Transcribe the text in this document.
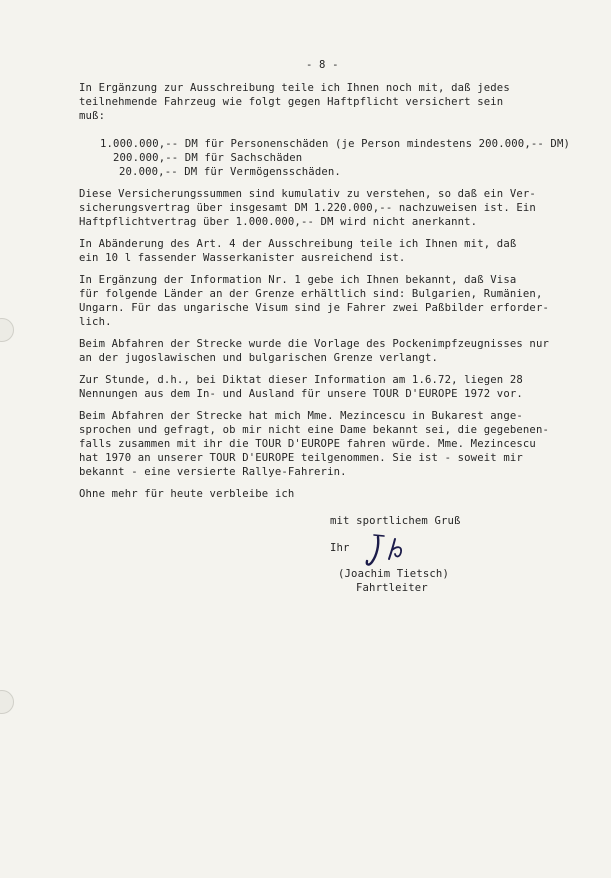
- 8 -
In Ergänzung zur Ausschreibung teile ich Ihnen noch mit, daß jedes
teilnehmende Fahrzeug wie folgt gegen Haftpflicht versichert sein
muß:
1.000.000,-- DM für Personenschäden (je Person mindestens 200.000,-- DM)
200.000,-- DM für Sachschäden
20.000,-- DM für Vermögensschäden.
Diese Versicherungssummen sind kumulativ zu verstehen, so daß ein Ver-
sicherungsvertrag über insgesamt DM 1.220.000,-- nachzuweisen ist. Ein
Haftpflichtvertrag über 1.000.000,-- DM wird nicht anerkannt.
In Abänderung des Art. 4 der Ausschreibung teile ich Ihnen mit, daß
ein 10 l fassender Wasserkanister ausreichend ist.
In Ergänzung der Information Nr. 1 gebe ich Ihnen bekannt, daß Visa
für folgende Länder an der Grenze erhältlich sind: Bulgarien, Rumänien,
Ungarn. Für das ungarische Visum sind je Fahrer zwei Paßbilder erforder-
lich.
Beim Abfahren der Strecke wurde die Vorlage des Pockenimpfzeugnisses nur
an der jugoslawischen und bulgarischen Grenze verlangt.
Zur Stunde, d.h., bei Diktat dieser Information am 1.6.72, liegen 28
Nennungen aus dem In- und Ausland für unsere TOUR D'EUROPE 1972 vor.
Beim Abfahren der Strecke hat mich Mme. Mezincescu in Bukarest ange-
sprochen und gefragt, ob mir nicht eine Dame bekannt sei, die gegebenen-
falls zusammen mit ihr die TOUR D'EUROPE fahren würde. Mme. Mezincescu
hat 1970 an unserer TOUR D'EUROPE teilgenommen. Sie ist - soweit mir
bekannt - eine versierte Rallye-Fahrerin.
Ohne mehr für heute verbleibe ich
mit sportlichem Gruß
Ihr
(Joachim Tietsch)
Fahrtleiter
